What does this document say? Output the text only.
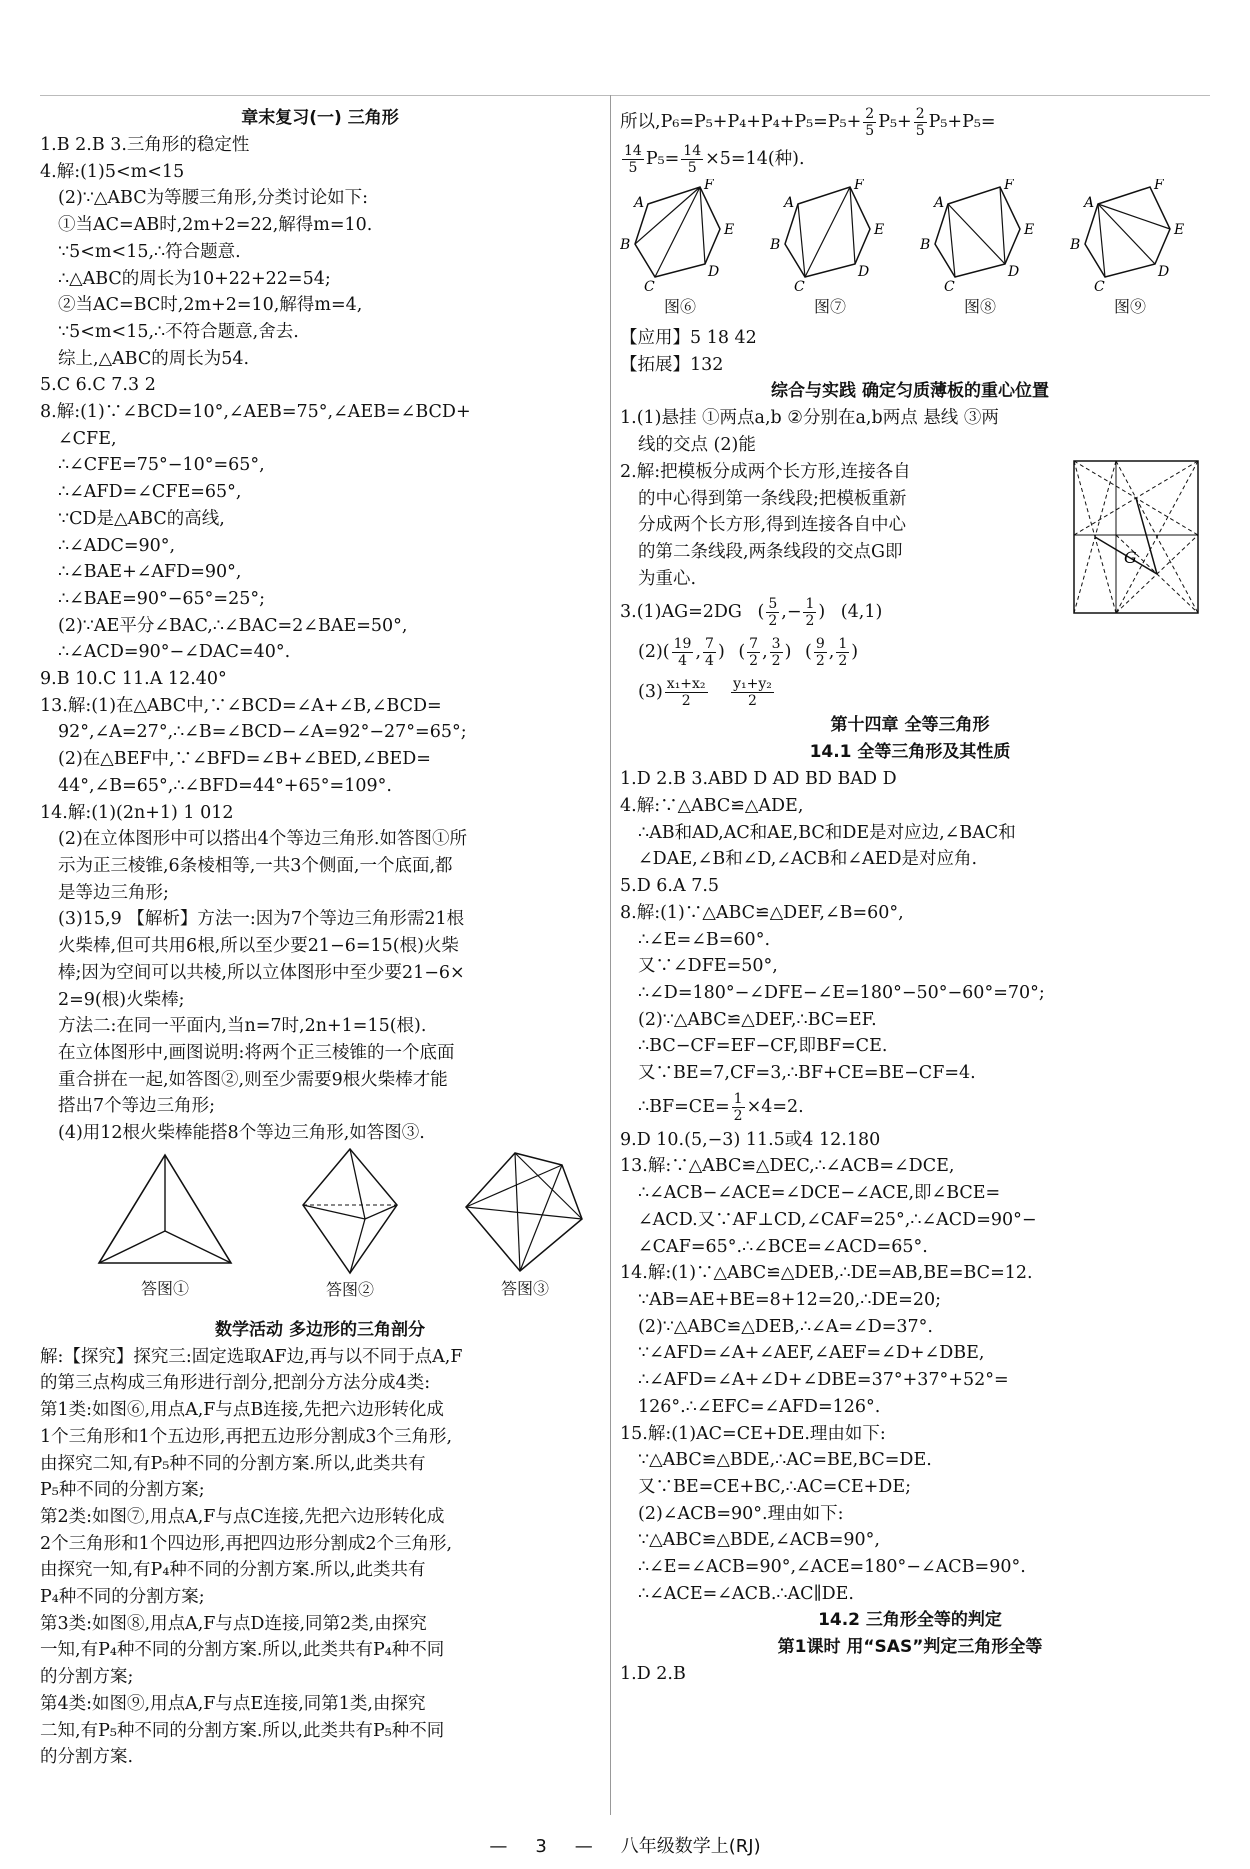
章末复习(一) 三角形
1.B 2.B 3.三角形的稳定性
4.解:(1)5<m<15
(2)∵△ABC为等腰三角形,分类讨论如下:
①当AC=AB时,2m+2=22,解得m=10.
∵5<m<15,∴符合题意.
∴△ABC的周长为10+22+22=54;
②当AC=BC时,2m+2=10,解得m=4,
∵5<m<15,∴不符合题意,舍去.
综上,△ABC的周长为54.
5.C 6.C 7.3 2
8.解:(1)∵∠BCD=10°,∠AEB=75°,∠AEB=∠BCD+
∠CFE,
∴∠CFE=75°−10°=65°,
∴∠AFD=∠CFE=65°,
∵CD是△ABC的高线,
∴∠ADC=90°,
∴∠BAE+∠AFD=90°,
∴∠BAE=90°−65°=25°;
(2)∵AE平分∠BAC,∴∠BAC=2∠BAE=50°,
∴∠ACD=90°−∠DAC=40°.
9.B 10.C 11.A 12.40°
13.解:(1)在△ABC中,∵∠BCD=∠A+∠B,∠BCD=
92°,∠A=27°,∴∠B=∠BCD−∠A=92°−27°=65°;
(2)在△BEF中,∵∠BFD=∠B+∠BED,∠BED=
44°,∠B=65°,∴∠BFD=44°+65°=109°.
14.解:(1)(2n+1) 1 012
(2)在立体图形中可以搭出4个等边三角形.如答图①所
示为正三棱锥,6条棱相等,一共3个侧面,一个底面,都
是等边三角形;
(3)15,9 【解析】方法一:因为7个等边三角形需21根
火柴棒,但可共用6根,所以至少要21−6=15(根)火柴
棒;因为空间可以共棱,所以立体图形中至少要21−6×
2=9(根)火柴棒;
方法二:在同一平面内,当n=7时,2n+1=15(根).
在立体图形中,画图说明:将两个正三棱锥的一个底面
重合拼在一起,如答图②,则至少需要9根火柴棒才能
搭出7个等边三角形;
(4)用12根火柴棒能搭8个等边三角形,如答图③.
答图①	答图②	答图③
数学活动 多边形的三角剖分
解:【探究】探究三:固定选取AF边,再与以不同于点A,F
的第三点构成三角形进行剖分,把剖分方法分成4类:
第1类:如图⑥,用点A,F与点B连接,先把六边形转化成
1个三角形和1个五边形,再把五边形分割成3个三角形,
由探究二知,有P₅种不同的分割方案.所以,此类共有
P₅种不同的分割方案;
第2类:如图⑦,用点A,F与点C连接,先把六边形转化成
2个三角形和1个四边形,再把四边形分割成2个三角形,
由探究一知,有P₄种不同的分割方案.所以,此类共有
P₄种不同的分割方案;
第3类:如图⑧,用点A,F与点D连接,同第2类,由探究
一知,有P₄种不同的分割方案.所以,此类共有P₄种不同
的分割方案;
第4类:如图⑨,用点A,F与点E连接,同第1类,由探究
二知,有P₅种不同的分割方案.所以,此类共有P₅种不同
的分割方案.
所以$,P_6=P_5+P_4+P_4+P_5=P_5+ \frac{2}{5} P_5+ \frac{2}{5} P_5+P_5=$
$\frac{14}{5} P_5= \frac{14}{5} \times 5=14$(种).
A
F
E
D
C
B
图⑥
A
F
E
D
C
B
图⑦
A
F
E
D
C
B
图⑧
A
F
E
D
C
B
图⑨
【应用】5 18 42
【拓展】132
综合与实践 确定匀质薄板的重心位置
1.(1)悬挂 ①两点a,b ②分别在a,b两点 悬线 ③两
线的交点 (2)能
2.解:把模板分成两个长方形,连接各自
的中心得到第一条线段;把模板重新
分成两个长方形,得到连接各自中心
的第二条线段,两条线段的交点G即
为重心.
G
3.(1)AG=2DG ( $\frac{5}{2}$ ,− $\frac{1}{2}$ ) (4,1)
$(2)( \frac{19}{4}$ , $\frac{7}{4}$ ) ( $\frac{7}{2}$ , $\frac{3}{2}$ ) ( $\frac{9}{2}$ , $\frac{1}{2}$ )
$(3) \frac{\text{x₁+x₂}}{2}$
$\frac{\text{y₁+y₂}}{2}$
第十四章 全等三角形
14.1 全等三角形及其性质
1.D 2.B 3.ABD D AD BD BAD D
4.解:∵△ABC≌△ADE,
∴AB和AD,AC和AE,BC和DE是对应边,∠BAC和
∠DAE,∠B和∠D,∠ACB和∠AED是对应角.
5.D 6.A 7.5
8.解:(1)∵△ABC≌△DEF,∠B=60°,
∴∠E=∠B=60°.
又∵∠DFE=50°,
∴∠D=180°−∠DFE−∠E=180°−50°−60°=70°;
(2)∵△ABC≌△DEF,∴BC=EF.
∴BC−CF=EF−CF,即BF=CE.
又∵BE=7,CF=3,∴BF+CE=BE−CF=4.
∴BF=CE= $\frac{1}{2} \times 4=2$.
9.D 10.(5,−3) 11.5或4 12.180
13.解:∵△ABC≌△DEC,∴∠ACB=∠DCE,
∴∠ACB−∠ACE=∠DCE−∠ACE,即∠BCE=
∠ACD.又∵AF⊥CD,∠CAF=25°,∴∠ACD=90°−
∠CAF=65°.∴∠BCE=∠ACD=65°.
14.解:(1)∵△ABC≌△DEB,∴DE=AB,BE=BC=12.
∵AB=AE+BE=8+12=20,∴DE=20;
(2)∵△ABC≌△DEB,∴∠A=∠D=37°.
∵∠AFD=∠A+∠AEF,∠AEF=∠D+∠DBE,
∴∠AFD=∠A+∠D+∠DBE=37°+37°+52°=
126°.∴∠EFC=∠AFD=126°.
15.解:(1)AC=CE+DE.理由如下:
∵△ABC≌△BDE,∴AC=BE,BC=DE.
又∵BE=CE+BC,∴AC=CE+DE;
(2)∠ACB=90°.理由如下:
∵△ABC≌△BDE,∠ACB=90°,
∴∠E=∠ACB=90°,∠ACE=180°−∠ACB=90°.
∴∠ACE=∠ACB.∴AC∥DE.
14.2 三角形全等的判定
第1课时 用“SAS”判定三角形全等
1.D 2.B
— 3 — 八年级数学上(RJ)
